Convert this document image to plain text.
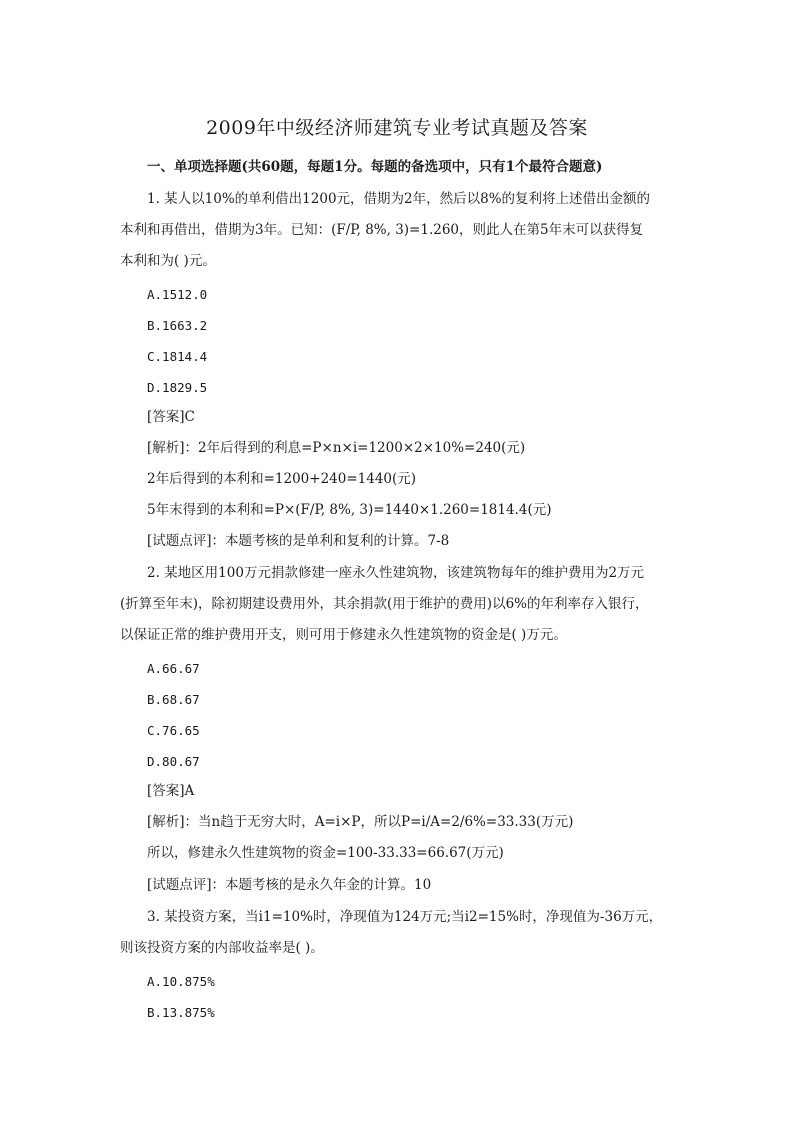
2009年中级经济师建筑专业考试真题及答案

一、单项选择题(共60题，每题1分。每题的备选项中，只有1个最符合题意)

1. 某人以10%的单利借出1200元，借期为2年，然后以8%的复利将上述借出金额的

本利和再借出，借期为3年。已知：(F/P, 8%, 3)=1.260，则此人在第5年末可以获得复

本利和为( )元。

A.1512.0

B.1663.2

C.1814.4

D.1829.5

[答案]C

[解析]：2年后得到的利息=P×n×i=1200×2×10%=240(元)

2年后得到的本利和=1200+240=1440(元)

5年末得到的本利和=P×(F/P, 8%, 3)=1440×1.260=1814.4(元)

[试题点评]：本题考核的是单利和复利的计算。7-8

2. 某地区用100万元捐款修建一座永久性建筑物，该建筑物每年的维护费用为2万元

(折算至年末)，除初期建设费用外，其余捐款(用于维护的费用)以6%的年利率存入银行，

以保证正常的维护费用开支，则可用于修建永久性建筑物的资金是( )万元。

A.66.67

B.68.67

C.76.65

D.80.67

[答案]A

[解析]：当n趋于无穷大时，A=i×P，所以P=i/A=2/6%=33.33(万元)

所以，修建永久性建筑物的资金=100-33.33=66.67(万元)

[试题点评]：本题考核的是永久年金的计算。10

3. 某投资方案，当i1=10%时，净现值为124万元;当i2=15%时，净现值为-36万元，

则该投资方案的内部收益率是( )。

A.10.875%

B.13.875%
